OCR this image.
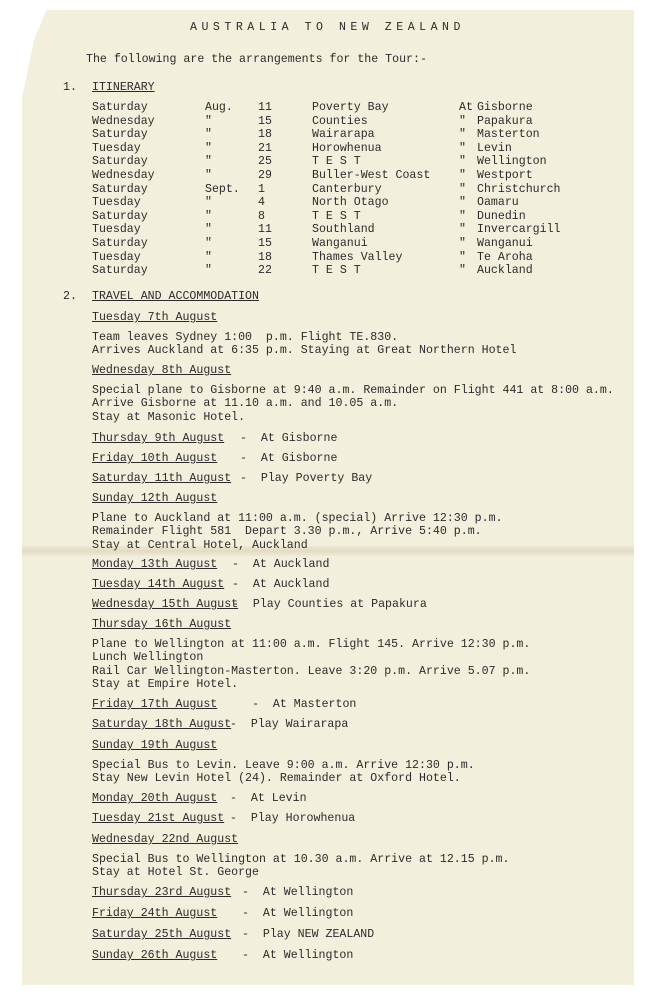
AUSTRALIA TO NEW ZEALAND
The following are the arrangements for the Tour:-
1. ITINERARY
Saturday	Aug. 11	Poverty Bay	At Gisborne
Wednesday	"	15	Counties	" Papakura
Saturday	"	18	Wairarapa	" Masterton
Tuesday	"	21	Horowhenua	" Levin
Saturday	"	25	T E S T	" Wellington
Wednesday	"	29	Buller-West Coast " Westport
Saturday	Sept. 1	Canterbury	" Christchurch
Tuesday	"	4	North Otago	" Oamaru
Saturday	"	8	T E S T	" Dunedin
Tuesday	"	11	Southland	" Invercargill
Saturday	"	15	Wanganui	" Wanganui
Tuesday	"	18	Thames Valley	" Te Aroha
Saturday	"	22	T E S T	" Auckland
2. TRAVEL AND ACCOMMODATION
Tuesday 7th August
Team leaves Sydney 1:00  p.m. Flight TE.830.
Arrives Auckland at 6:35 p.m. Staying at Great Northern Hotel
Wednesday 8th August
Special plane to Gisborne at 9:40 a.m. Remainder on Flight 441 at 8:00 a.m.
Arrive Gisborne at 11.10 a.m. and 10.05 a.m.
Stay at Masonic Hotel.
Thursday 9th August -  At Gisborne
Friday 10th August -  At Gisborne
Saturday 11th August -  Play Poverty Bay
Sunday 12th August
Plane to Auckland at 11:00 a.m. (special) Arrive 12:30 p.m.
Remainder Flight 581  Depart 3.30 p.m., Arrive 5:40 p.m.
Stay at Central Hotel, Auckland
Monday 13th August -  At Auckland
Tuesday 14th August -  At Auckland
Wednesday 15th August
-  Play Counties at Papakura
Thursday 16th August
Plane to Wellington at 11:00 a.m. Flight 145. Arrive 12:30 p.m.
Lunch Wellington
Rail Car Wellington-Masterton. Leave 3:20 p.m. Arrive 5.07 p.m.
Stay at Empire Hotel.
Friday 17th August	-  At Masterton
Saturday 18th August
-  Play Wairarapa
Sunday 19th August
Special Bus to Levin. Leave 9:00 a.m. Arrive 12:30 p.m.
Stay New Levin Hotel (24). Remainder at Oxford Hotel.
Monday 20th August -  At Levin
Tuesday 21st August -  Play Horowhenua
Wednesday 22nd August
Special Bus to Wellington at 10.30 a.m. Arrive at 12.15 p.m.
Stay at Hotel St. George
Thursday 23rd August -  At Wellington
Friday 24th August -  At Wellington
Saturday 25th August -  Play NEW ZEALAND
Sunday 26th August -  At Wellington
